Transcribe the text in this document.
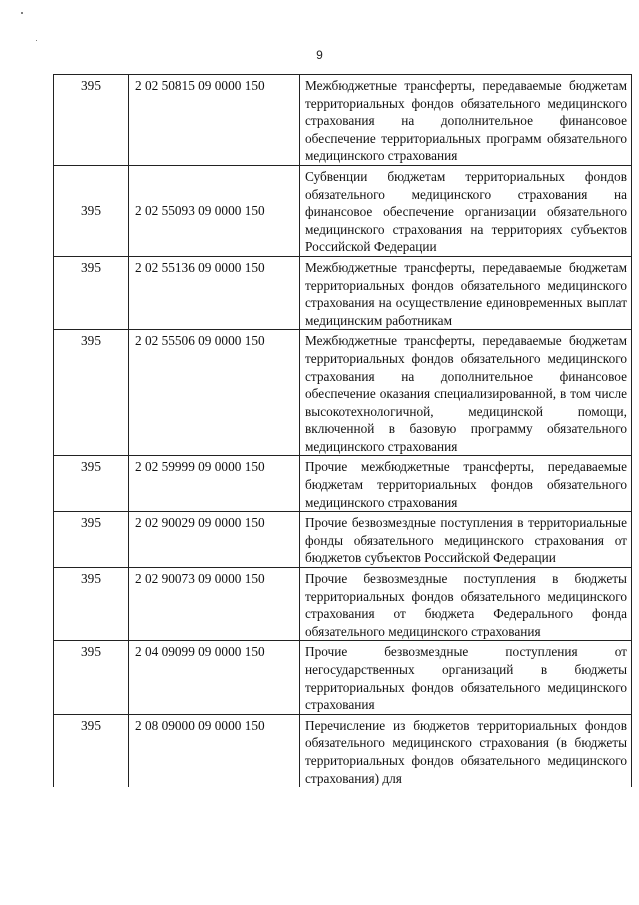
9
395	2 02 50815 09 0000 150	Межбюджетные трансферты, передаваемые бюджетам территориальных фондов обязательного медицинского страхования на дополнительное финансовое обеспечение территориальных программ обязательного медицинского страхования
395	2 02 55093 09 0000 150	Субвенции бюджетам территориальных фондов обязательного медицинского страхования на финансовое обеспечение организации обязательного медицинского страхования на территориях субъектов Российской Федерации
395	2 02 55136 09 0000 150	Межбюджетные трансферты, передаваемые бюджетам территориальных фондов обязательного медицинского страхования на осуществление единовременных выплат медицинским работникам
395	2 02 55506 09 0000 150	Межбюджетные трансферты, передаваемые бюджетам территориальных фондов обязательного медицинского страхования на дополнительное финансовое обеспечение оказания специализированной, в том числе высокотехнологичной, медицинской помощи, включенной в базовую программу обязательного медицинского страхования
395	2 02 59999 09 0000 150	Прочие межбюджетные трансферты, передаваемые бюджетам территориальных фондов обязательного медицинского страхования
395	2 02 90029 09 0000 150	Прочие безвозмездные поступления в территориальные фонды обязательного медицинского страхования от бюджетов субъектов Российской Федерации
395	2 02 90073 09 0000 150	Прочие безвозмездные поступления в бюджеты территориальных фондов обязательного медицинского страхования от бюджета Федерального фонда обязательного медицинского страхования
395	2 04 09099 09 0000 150	Прочие безвозмездные поступления от негосударственных организаций в бюджеты территориальных фондов обязательного медицинского страхования
395	2 08 09000 09 0000 150	Перечисление из бюджетов территориальных фондов обязательного медицинского страхования (в бюджеты территориальных фондов обязательного медицинского страхования) для
